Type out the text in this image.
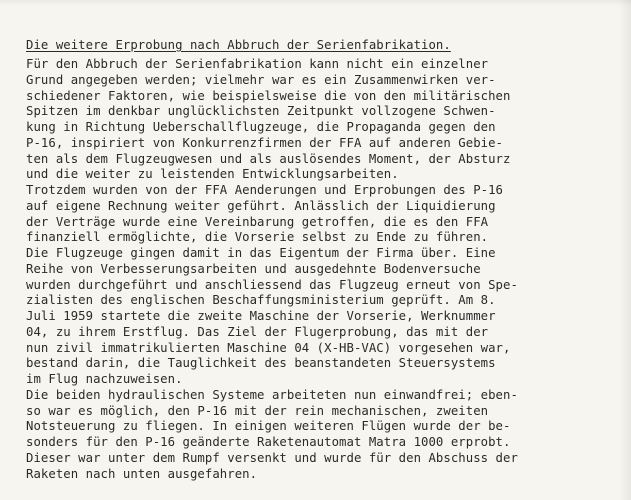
Die weitere Erprobung nach Abbruch der Serienfabrikation.
Für den Abbruch der Serienfabrikation kann nicht ein einzelner
Grund angegeben werden; vielmehr war es ein Zusammenwirken ver-
schiedener Faktoren, wie beispielsweise die von den militärischen
Spitzen im denkbar unglücklichsten Zeitpunkt vollzogene Schwen-
kung in Richtung Ueberschallflugzeuge, die Propaganda gegen den
P-16, inspiriert von Konkurrenzfirmen der FFA auf anderen Gebie-
ten als dem Flugzeugwesen und als auslösendes Moment, der Absturz
und die weiter zu leistenden Entwicklungsarbeiten.
Trotzdem wurden von der FFA Aenderungen und Erprobungen des P-16
auf eigene Rechnung weiter geführt. Anlässlich der Liquidierung
der Verträge wurde eine Vereinbarung getroffen, die es den FFA
finanziell ermöglichte, die Vorserie selbst zu Ende zu führen.
Die Flugzeuge gingen damit in das Eigentum der Firma über. Eine
Reihe von Verbesserungsarbeiten und ausgedehnte Bodenversuche
wurden durchgeführt und anschliessend das Flugzeug erneut von Spe-
zialisten des englischen Beschaffungsministerium geprüft. Am 8.
Juli 1959 startete die zweite Maschine der Vorserie, Werknummer
04, zu ihrem Erstflug. Das Ziel der Flugerprobung, das mit der
nun zivil immatrikulierten Maschine 04 (X-HB-VAC) vorgesehen war,
bestand darin, die Tauglichkeit des beanstandeten Steuersystems
im Flug nachzuweisen.
Die beiden hydraulischen Systeme arbeiteten nun einwandfrei; eben-
so war es möglich, den P-16 mit der rein mechanischen, zweiten
Notsteuerung zu fliegen. In einigen weiteren Flügen wurde der be-
sonders für den P-16 geänderte Raketenautomat Matra 1000 erprobt.
Dieser war unter dem Rumpf versenkt und wurde für den Abschuss der
Raketen nach unten ausgefahren.
